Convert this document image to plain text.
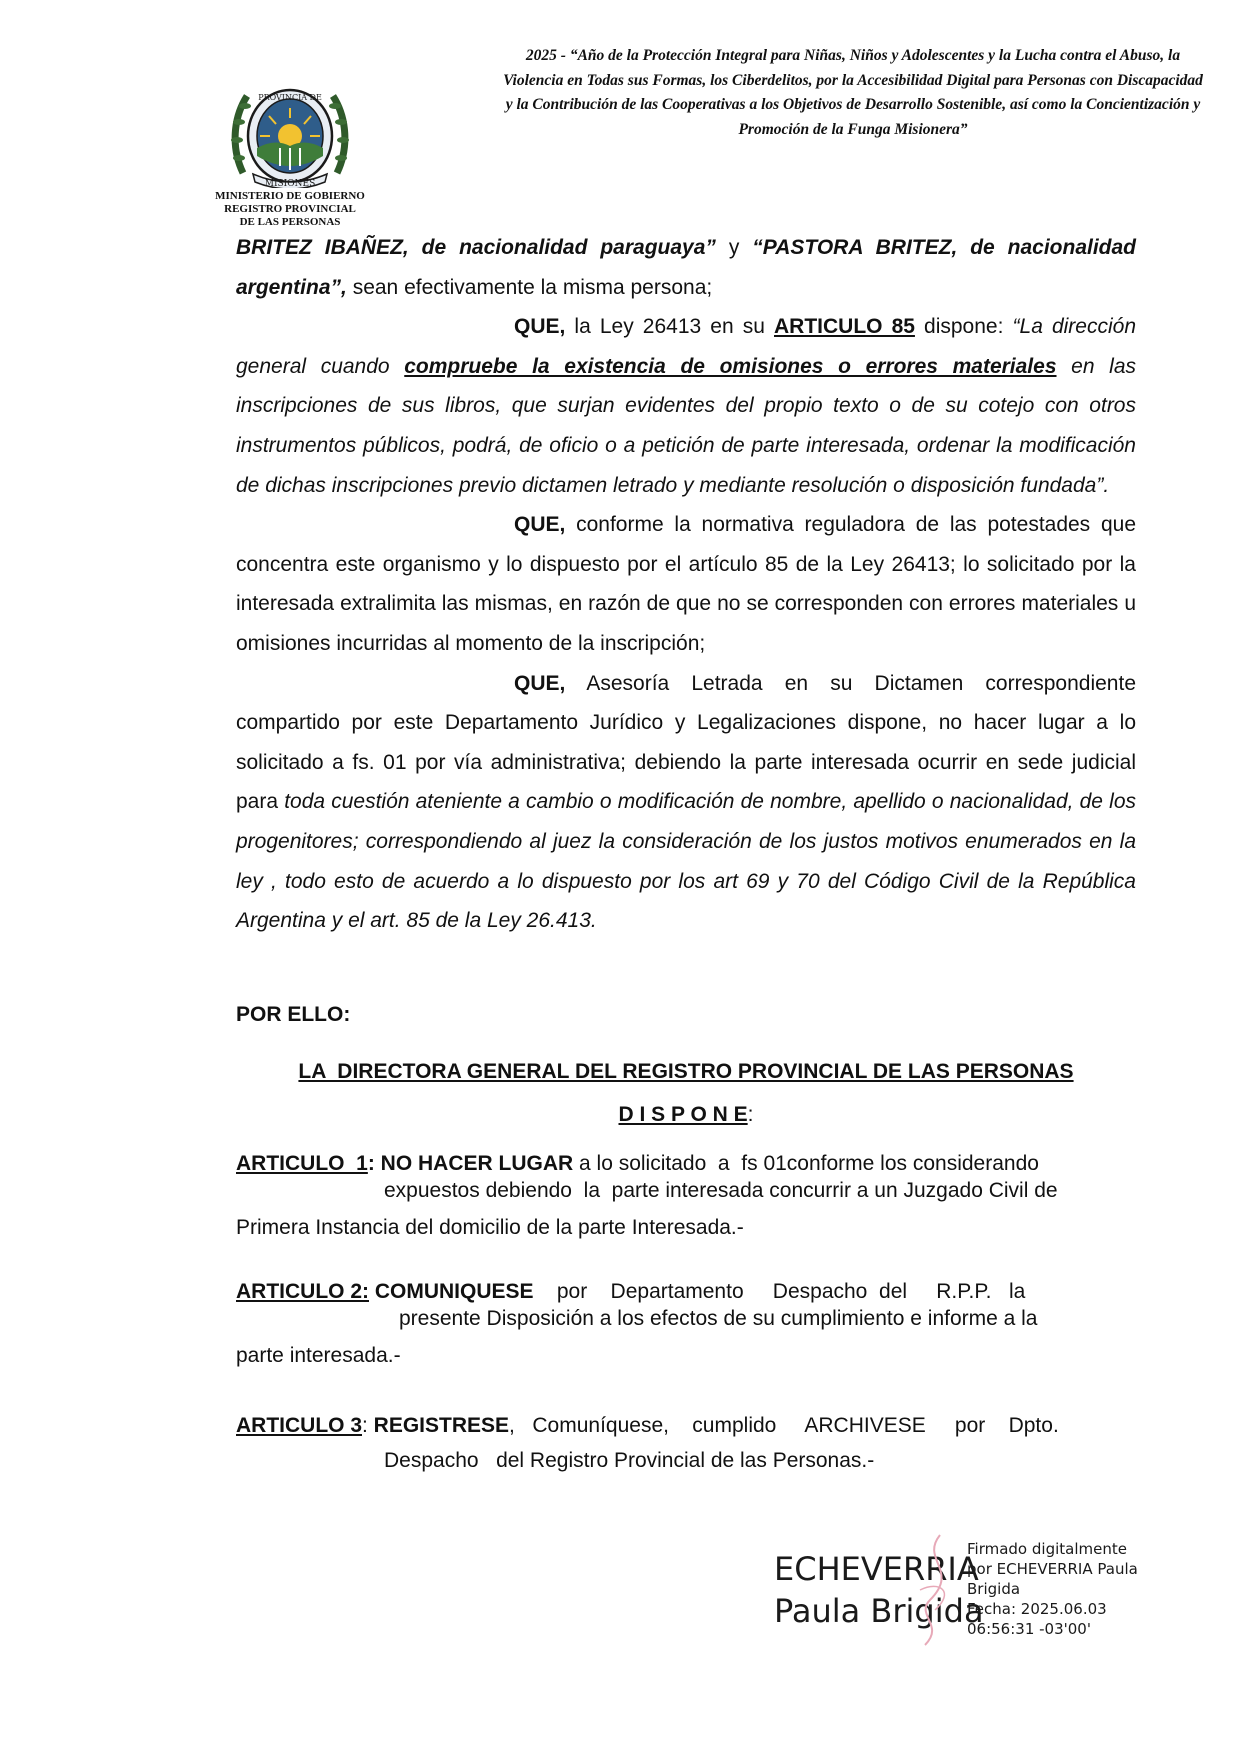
PROVINCIA DE
MISIONES
MINISTERIO DE GOBIERNO
REGISTRO PROVINCIAL
DE LAS PERSONAS
2025 - “Año de la Protección Integral para Niñas, Niños y Adolescentes y la Lucha contra el Abuso, la Violencia en Todas sus Formas, los Ciberdelitos, por la Accesibilidad Digital para Personas con Discapacidad y la Contribución de las Cooperativas a los Objetivos de Desarrollo Sostenible, así como la Concientización y Promoción de la Funga Misionera”

BRITEZ IBAÑEZ, de nacionalidad paraguaya” y “PASTORA BRITEZ, de nacionalidad argentina”, sean efectivamente la misma persona;

QUE, la Ley 26413 en su ARTICULO 85 dispone: “La dirección general cuando compruebe la existencia de omisiones o errores materiales en las inscripciones de sus libros, que surjan evidentes del propio texto o de su cotejo con otros instrumentos públicos, podrá, de oficio o a petición de parte interesada, ordenar la modificación de dichas inscripciones previo dictamen letrado y mediante resolución o disposición fundada”.

QUE, conforme la normativa reguladora de las potestades que concentra este organismo y lo dispuesto por el artículo 85 de la Ley 26413; lo solicitado por la interesada extralimita las mismas, en razón de que no se corresponden con errores materiales u omisiones incurridas al momento de la inscripción;

QUE, Asesoría Letrada en su Dictamen correspondiente compartido por este Departamento Jurídico y Legalizaciones dispone, no hacer lugar a lo solicitado a fs. 01 por vía administrativa; debiendo la parte interesada ocurrir en sede judicial para toda cuestión ateniente a cambio o modificación de nombre, apellido o nacionalidad, de los progenitores; correspondiendo al juez la consideración de los justos motivos enumerados en la ley , todo esto de acuerdo a lo dispuesto por los art 69 y 70 del Código Civil de la República Argentina y el art. 85 de la Ley 26.413.

POR ELLO:
LA  DIRECTORA GENERAL DEL REGISTRO PROVINCIAL DE LAS PERSONAS
D I S P O N E:
ARTICULO  1: NO HACER LUGAR a lo solicitado  a  fs 01conforme los considerando
expuestos debiendo  la  parte interesada concurrir a un Juzgado Civil de
Primera Instancia del domicilio de la parte Interesada.-
ARTICULO 2: COMUNIQUESE    por    Departamento     Despacho  del     R.P.P.   la
presente Disposición a los efectos de su cumplimiento e informe a la
parte interesada.-
ARTICULO 3: REGISTRESE,   Comuníquese,    cumplido     ARCHIVESE     por    Dpto.
Despacho   del Registro Provincial de las Personas.-
ECHEVERRIA
Paula Brigida
Firmado digitalmente
por ECHEVERRIA Paula
Brigida
Fecha: 2025.06.03
06:56:31 -03'00'
